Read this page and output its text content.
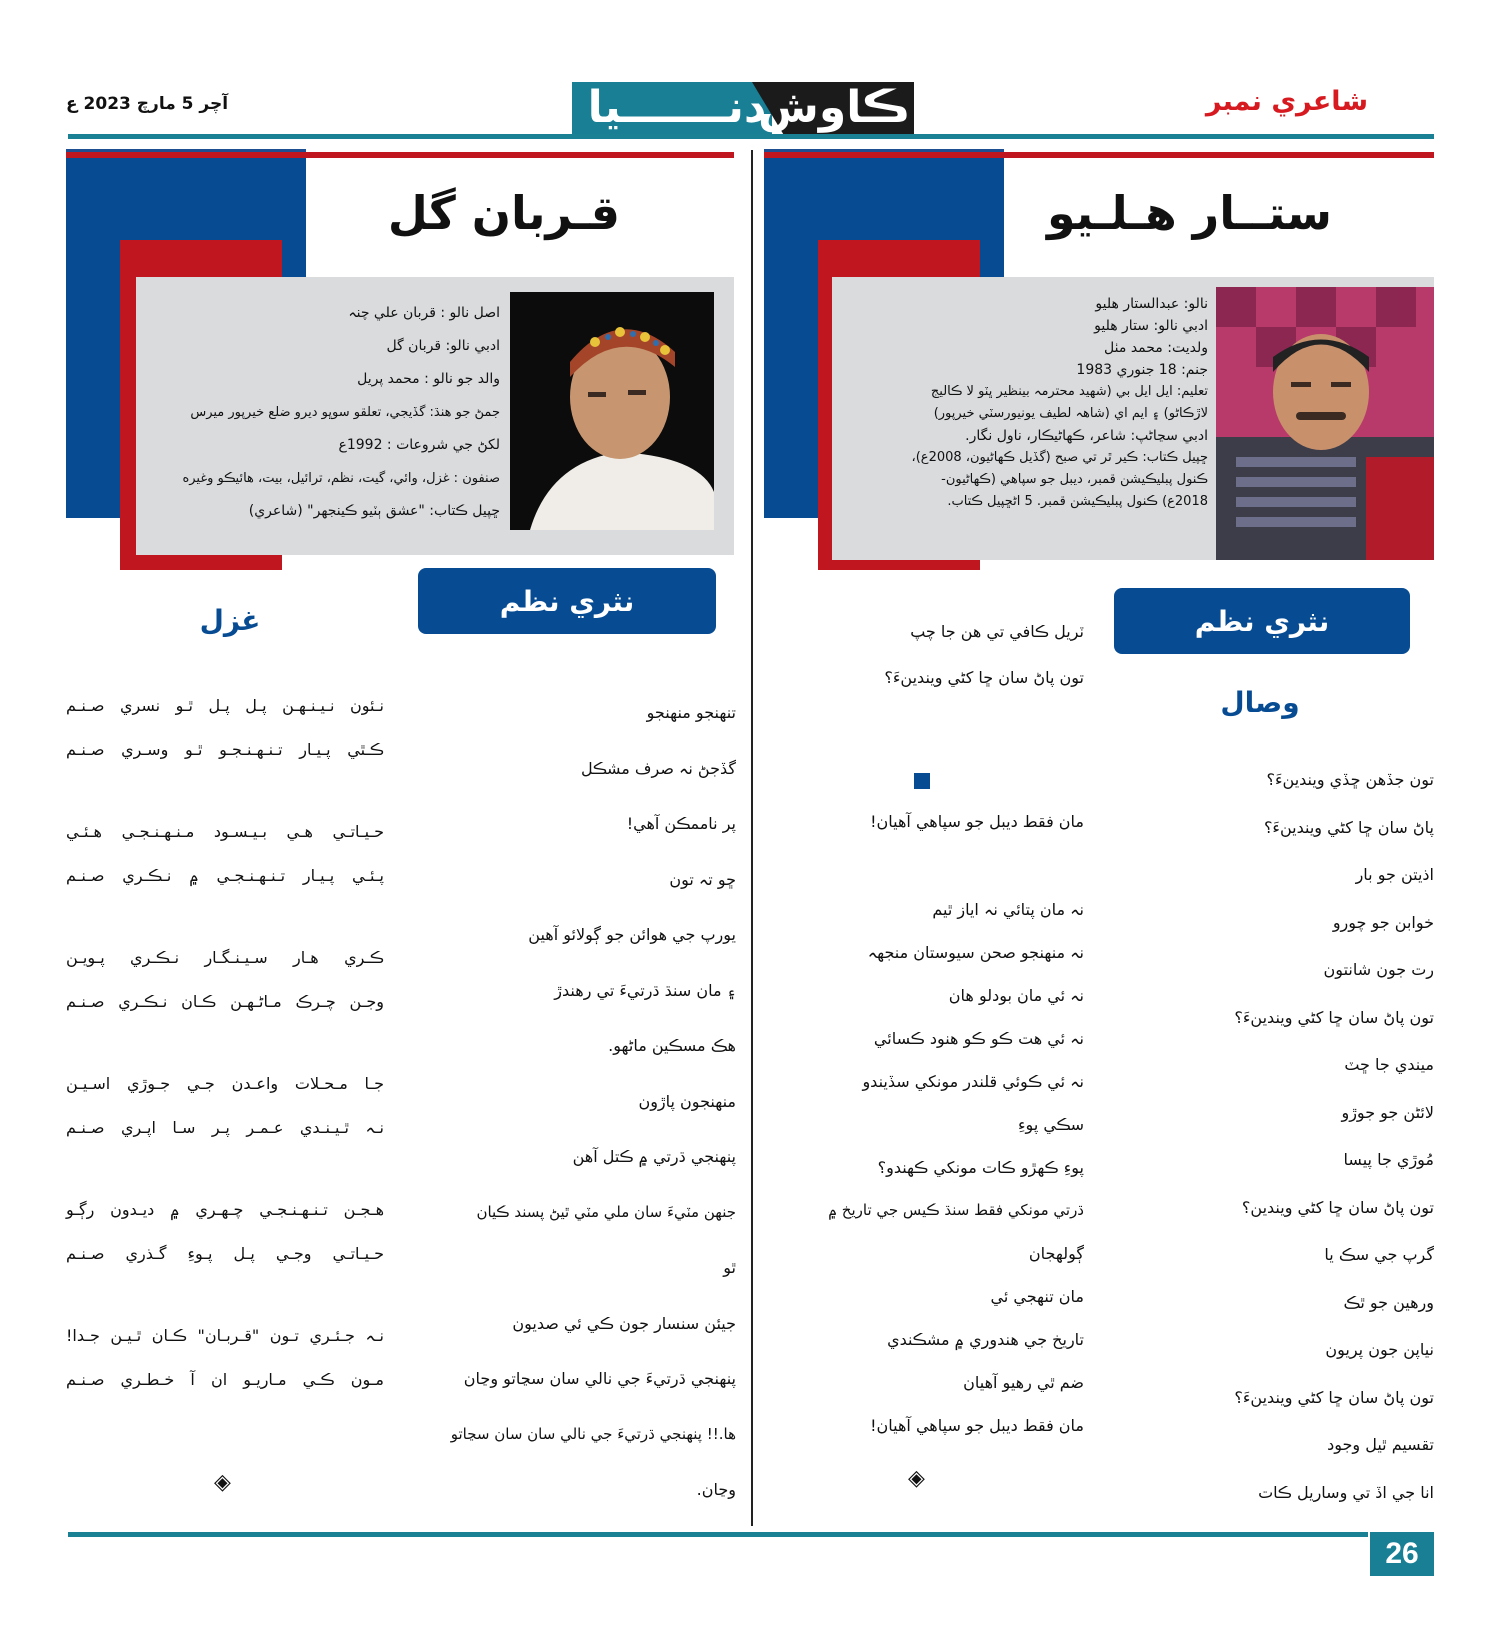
شاعري نمبر
آچر 5 مارچ 2023 ع	دنـــــــيا
ڪاوش
ستــار هـلـيو
نالو: عبدالستار هليو
ادبي نالو: ستار هليو
ولديت: محمد مٺل
جنم: 18 جنوري 1983
تعليم: ايل ايل بي (شهيد محترمہ بينظير ڀٽو لا ڪاليج
لاڙڪاڻو) ۽ ايم اي (شاهہ لطيف يونيورسٽي خيرپور)
ادبي سڃاڻپ: شاعر، ڪهاڻيڪار، ناول نگار.
ڇپيل ڪتاب: ڪير ٿر تي صبح (گڏيل ڪهاڻيون، 2008ع)،
ڪنول پبليڪيشن قمبر، ديبل جو سپاهي (ڪهاڻيون-
2018ع) ڪنول پبليڪيشن قمبر. 5 اڻڇپيل ڪتاب.
نثري نظم
وصال
تون جڏهن ڇڏي ويندينءَ؟
پاڻ سان ڇا کڻي ويندينءَ؟
اذيتن جو بار
خوابن جو چورو
رت جون شانتون
تون پاڻ سان ڇا کڻي ويندينءَ؟
ميندي جا ڇٽ
لائڻن جو جوڙو
مُوڙي جا پيسا
تون پاڻ سان ڇا کڻي ويندين؟
گرپ جي سڪ يا
ورهين جو ٿڪ
نياپن جون پريون
تون پاڻ سان ڇا کڻي ويندينءَ؟
تقسيم ٿيل وجود
انا جي اڏ تي وساريل ڪات
ٽريل ڪافي تي هن جا چپ
تون پاڻ سان ڇا کڻي ويندينءَ؟
مان فقط ديبل جو سپاهي آهيان!
نہ مان پتائي نہ اياز ٿيم
نہ منهنجو صحن سيوستان منجهہ
نہ ئي مان بودلو هان
نہ ئي هت ڪو ڪو هنود ڪسائي
نہ ئي ڪوئي قلندر مونکي سڏيندو
سڪي پوءِ
پوءِ ڪهڙو ڪات مونکي ڪهندو؟
ڌرتي مونکي فقط سنڌ ڪيس جي تاريخ ۾
ڳولهجان
مان تنهجي ئي
تاريخ جي هندوري ۾ مشڪندي
ضم ٿي رهيو آهيان
مان فقط ديبل جو سپاهي آهيان!
◈
قـربان گل
اصل نالو : قربان علي چنہ
ادبي نالو: قربان گل
والد جو نالو : محمد پريل
جمڻ جو هنڌ: گڏيجي، تعلقو سوڀو ديرو ضلع خيرپور ميرس
لکڻ جي شروعات : 1992ع
صنفون : غزل، وائي، گيت، نظم، ترائيل، بيت، هائيڪو وغيره
ڇپيل ڪتاب: "عشق ٻٽيو ڪينجهر" (شاعري)
نثري نظم
تنهنجو منهنجو
گڏجڻ نہ صرف مشڪل
پر ناممڪن آهي!
ڇو تہ تون
يورپ جي هوائن جو ڳولائو آهين
۽ مان سنڌ ڌرتيءَ تي رهندڙ
هڪ مسڪين ماڻهو.
منهنجون پاڙون
پنهنجي ڌرتي ۾ ڪتل آهن
جنهن مٽيءَ سان ملي مٽي ٿيڻ پسند ڪيان
ٿو
جيئن سنسار جون ڪي ئي صديون
پنهنجي ڌرتيءَ جي نالي سان سڃاتو وڃان
ها.!! پنهنجي ڌرتيءَ جي نالي سان سان سڃاتو
وڃان.
غزل
نـئون نـيـنـهـن پـل پـل ٿـو نسري صـنـم
ڪـٿي پـيـار تـنـهـنـجـو ٿـو وسـري صـنـم
حـيـاتـي هـي بـيـسـود مـنـهـنـجـي هـئـي
پـئـي پـيـار تـنـهـنـجـي ۾ نـڪـري صـنـم
ڪـري هـار سـيـنـگـار نـڪـري پـويـن
وجـن چـرڪ مـاڻـهـن ڪـان نـڪـري صـنـم
جـا مـحـلات واعـدن جـي جـوڙي اسـيـن
نـہ ٿـيـنـدي عـمـر پـر سـا اپـري صـنـم
هـجـن تـنـهـنـجـي چـهـري ۾ ديـدون رڳـو
حـيـاتـي وجـي پـل پـوءِ گـذري صـنـم
نـہ جـئـري تـون "قـربـان" ڪـان ٿـيـن جـدا!
مـون ڪـي مـاريـو ان آ خـطـري صـنـم
◈
26
